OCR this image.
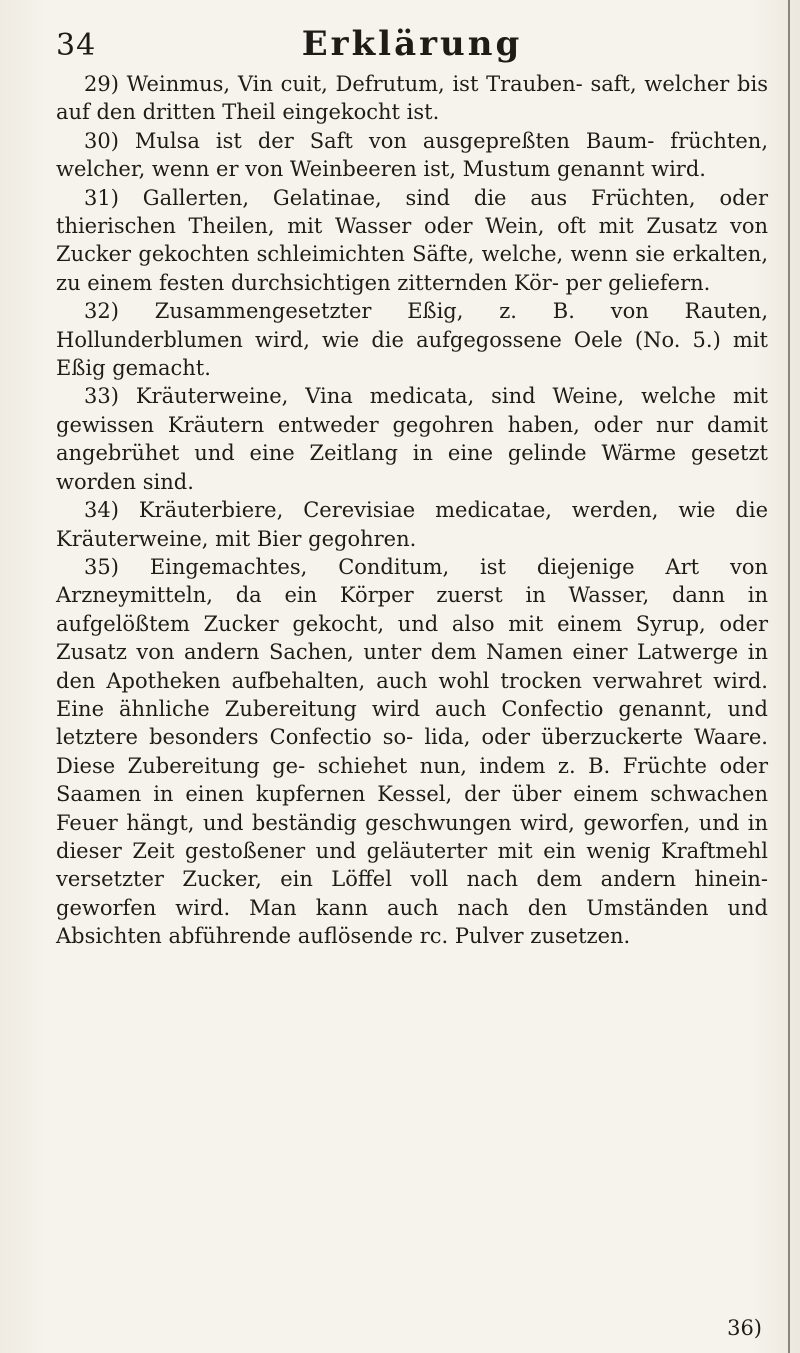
34	Erklärung

29) Weinmus, Vin cuit, Defrutum, ist Trauben- saft, welcher bis auf den dritten Theil eingekocht ist.

30) Mulsa ist der Saft von ausgepreßten Baum- früchten, welcher, wenn er von Weinbeeren ist, Mustum genannt wird.

31) Gallerten, Gelatinae, sind die aus Früchten, oder thierischen Theilen, mit Wasser oder Wein, oft mit Zusatz von Zucker gekochten schleimichten Säfte, welche, wenn sie erkalten, zu einem festen durchsichtigen zitternden Kör- per geliefern.

32) Zusammengesetzter Eßig, z. B. von Rauten, Hollunderblumen wird, wie die aufgegossene Oele (No. 5.) mit Eßig gemacht.

33) Kräuterweine, Vina medicata, sind Weine, welche mit gewissen Kräutern entweder gegohren haben, oder nur damit angebrühet und eine Zeitlang in eine gelinde Wärme gesetzt worden sind.

34) Kräuterbiere, Cerevisiae medicatae, werden, wie die Kräuterweine, mit Bier gegohren.

35) Eingemachtes, Conditum, ist diejenige Art von Arzneymitteln, da ein Körper zuerst in Wasser, dann in aufgelößtem Zucker gekocht, und also mit einem Syrup, oder Zusatz von andern Sachen, unter dem Namen einer Latwerge in den Apotheken aufbehalten, auch wohl trocken verwahret wird. Eine ähnliche Zubereitung wird auch Confectio genannt, und letztere besonders Confectio so- lida, oder überzuckerte Waare. Diese Zubereitung ge- schiehet nun, indem z. B. Früchte oder Saamen in einen kupfernen Kessel, der über einem schwachen Feuer hängt, und beständig geschwungen wird, geworfen, und in dieser Zeit gestoßener und geläuterter mit ein wenig Kraftmehl versetzter Zucker, ein Löffel voll nach dem andern hinein- geworfen wird. Man kann auch nach den Umständen und Absichten abführende auflösende rc. Pulver zusetzen.

36)
